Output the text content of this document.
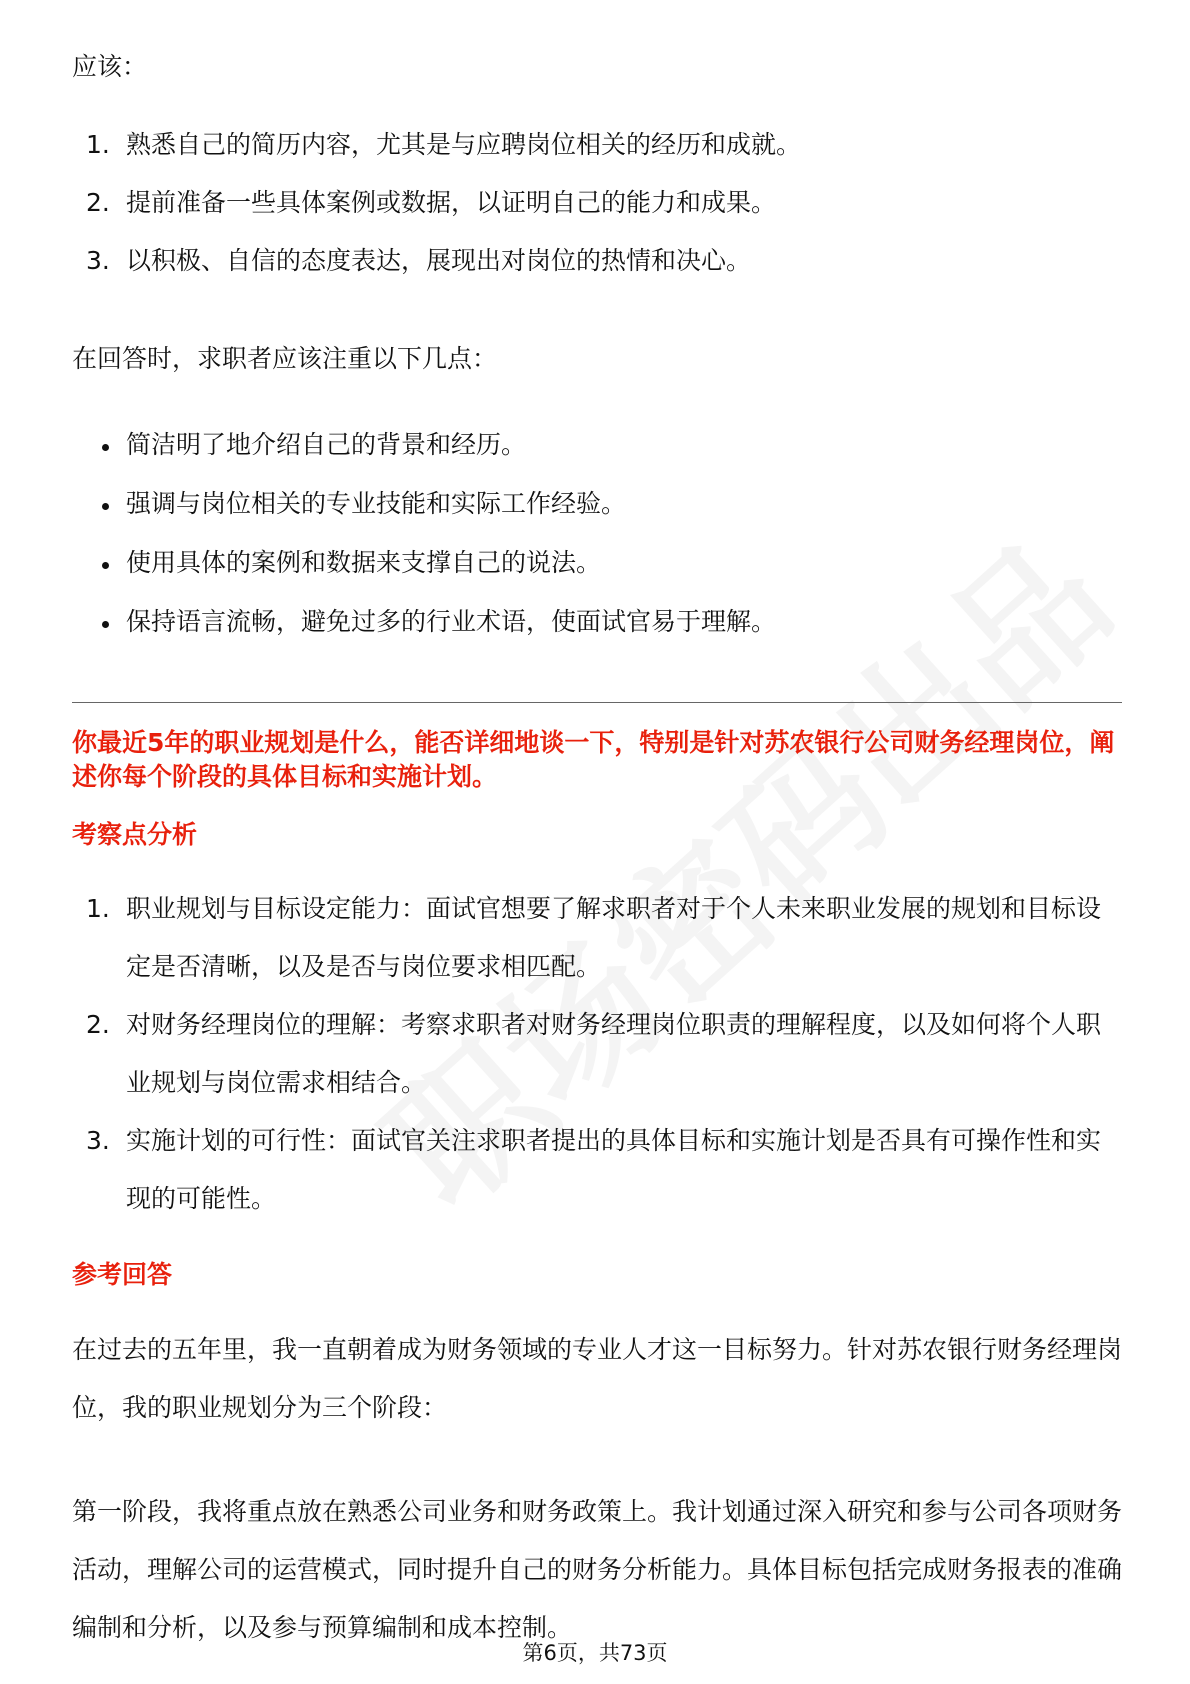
应该：

1. 熟悉自己的简历内容，尤其是与应聘岗位相关的经历和成就。
2. 提前准备一些具体案例或数据，以证明自己的能力和成果。
3. 以积极、自信的态度表达，展现出对岗位的热情和决心。

在回答时，求职者应该注重以下几点：

简洁明了地介绍自己的背景和经历。
强调与岗位相关的专业技能和实际工作经验。
使用具体的案例和数据来支撑自己的说法。
保持语言流畅，避免过多的行业术语，使面试官易于理解。

你最近5年的职业规划是什么，能否详细地谈一下，特别是针对苏农银行公司财务经理岗位，阐述你每个阶段的具体目标和实施计划。

考察点分析

1. 职业规划与目标设定能力：面试官想要了解求职者对于个人未来职业发展的规划和目标设定是否清晰，以及是否与岗位要求相匹配。
2. 对财务经理岗位的理解：考察求职者对财务经理岗位职责的理解程度，以及如何将个人职业规划与岗位需求相结合。
3. 实施计划的可行性：面试官关注求职者提出的具体目标和实施计划是否具有可操作性和实现的可能性。

参考回答

在过去的五年里，我一直朝着成为财务领域的专业人才这一目标努力。针对苏农银行财务经理岗位，我的职业规划分为三个阶段：

第一阶段，我将重点放在熟悉公司业务和财务政策上。我计划通过深入研究和参与公司各项财务活动，理解公司的运营模式，同时提升自己的财务分析能力。具体目标包括完成财务报表的准确编制和分析，以及参与预算编制和成本控制。

第6页，共73页
